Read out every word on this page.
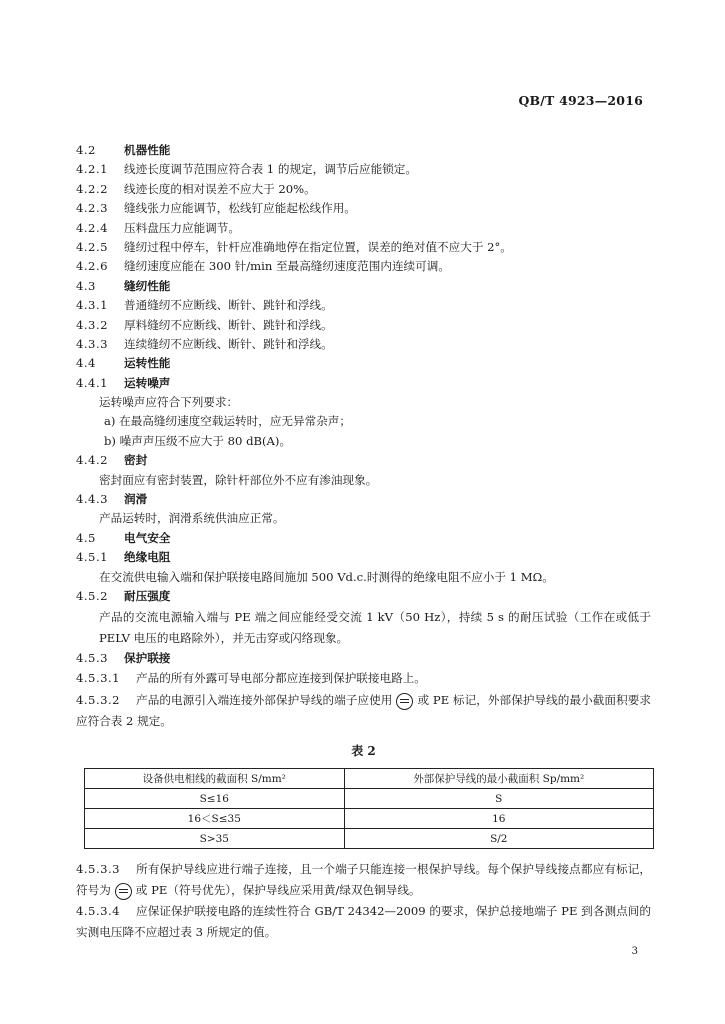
QB/T 4923—2016
4.2 机器性能
4.2.1 线迹长度调节范围应符合表 1 的规定，调节后应能锁定。
4.2.2 线迹长度的相对误差不应大于 20%。
4.2.3 缝线张力应能调节，松线钉应能起松线作用。
4.2.4 压料盘压力应能调节。
4.2.5 缝纫过程中停车，针杆应准确地停在指定位置，误差的绝对值不应大于 2°。
4.2.6 缝纫速度应能在 300 针/min 至最高缝纫速度范围内连续可调。
4.3 缝纫性能
4.3.1 普通缝纫不应断线、断针、跳针和浮线。
4.3.2 厚料缝纫不应断线、断针、跳针和浮线。
4.3.3 连续缝纫不应断线、断针、跳针和浮线。
4.4 运转性能
4.4.1 运转噪声
运转噪声应符合下列要求：
a) 在最高缝纫速度空载运转时，应无异常杂声；
b) 噪声声压级不应大于 80 dB(A)。
4.4.2 密封
密封面应有密封装置，除针杆部位外不应有渗油现象。
4.4.3 润滑
产品运转时，润滑系统供油应正常。
4.5 电气安全
4.5.1 绝缘电阻
在交流供电输入端和保护联接电路间施加 500 Vd.c.时测得的绝缘电阻不应小于 1 MΩ。
4.5.2 耐压强度
产品的交流电源输入端与 PE 端之间应能经受交流 1 kV（50 Hz），持续 5 s 的耐压试验（工作在或低于 PELV 电压的电路除外），并无击穿或闪络现象。
4.5.3 保护联接
4.5.3.1 产品的所有外露可导电部分都应连接到保护联接电路上。
4.5.3.2 产品的电源引入端连接外部保护导线的端子应使用 或 PE 标记，外部保护导线的最小截面积要求应符合表 2 规定。
表 2
设备供电相线的截面积 S/mm²	外部保护导线的最小截面积 Sp/mm²
S≤16	S
16＜S≤35	16
S>35	S/2
4.5.3.3 所有保护导线应进行端子连接，且一个端子只能连接一根保护导线。每个保护导线接点都应有标记，符号为 或 PE（符号优先），保护导线应采用黄/绿双色铜导线。
4.5.3.4 应保证保护联接电路的连续性符合 GB/T 24342—2009 的要求，保护总接地端子 PE 到各测点间的实测电压降不应超过表 3 所规定的值。
3
